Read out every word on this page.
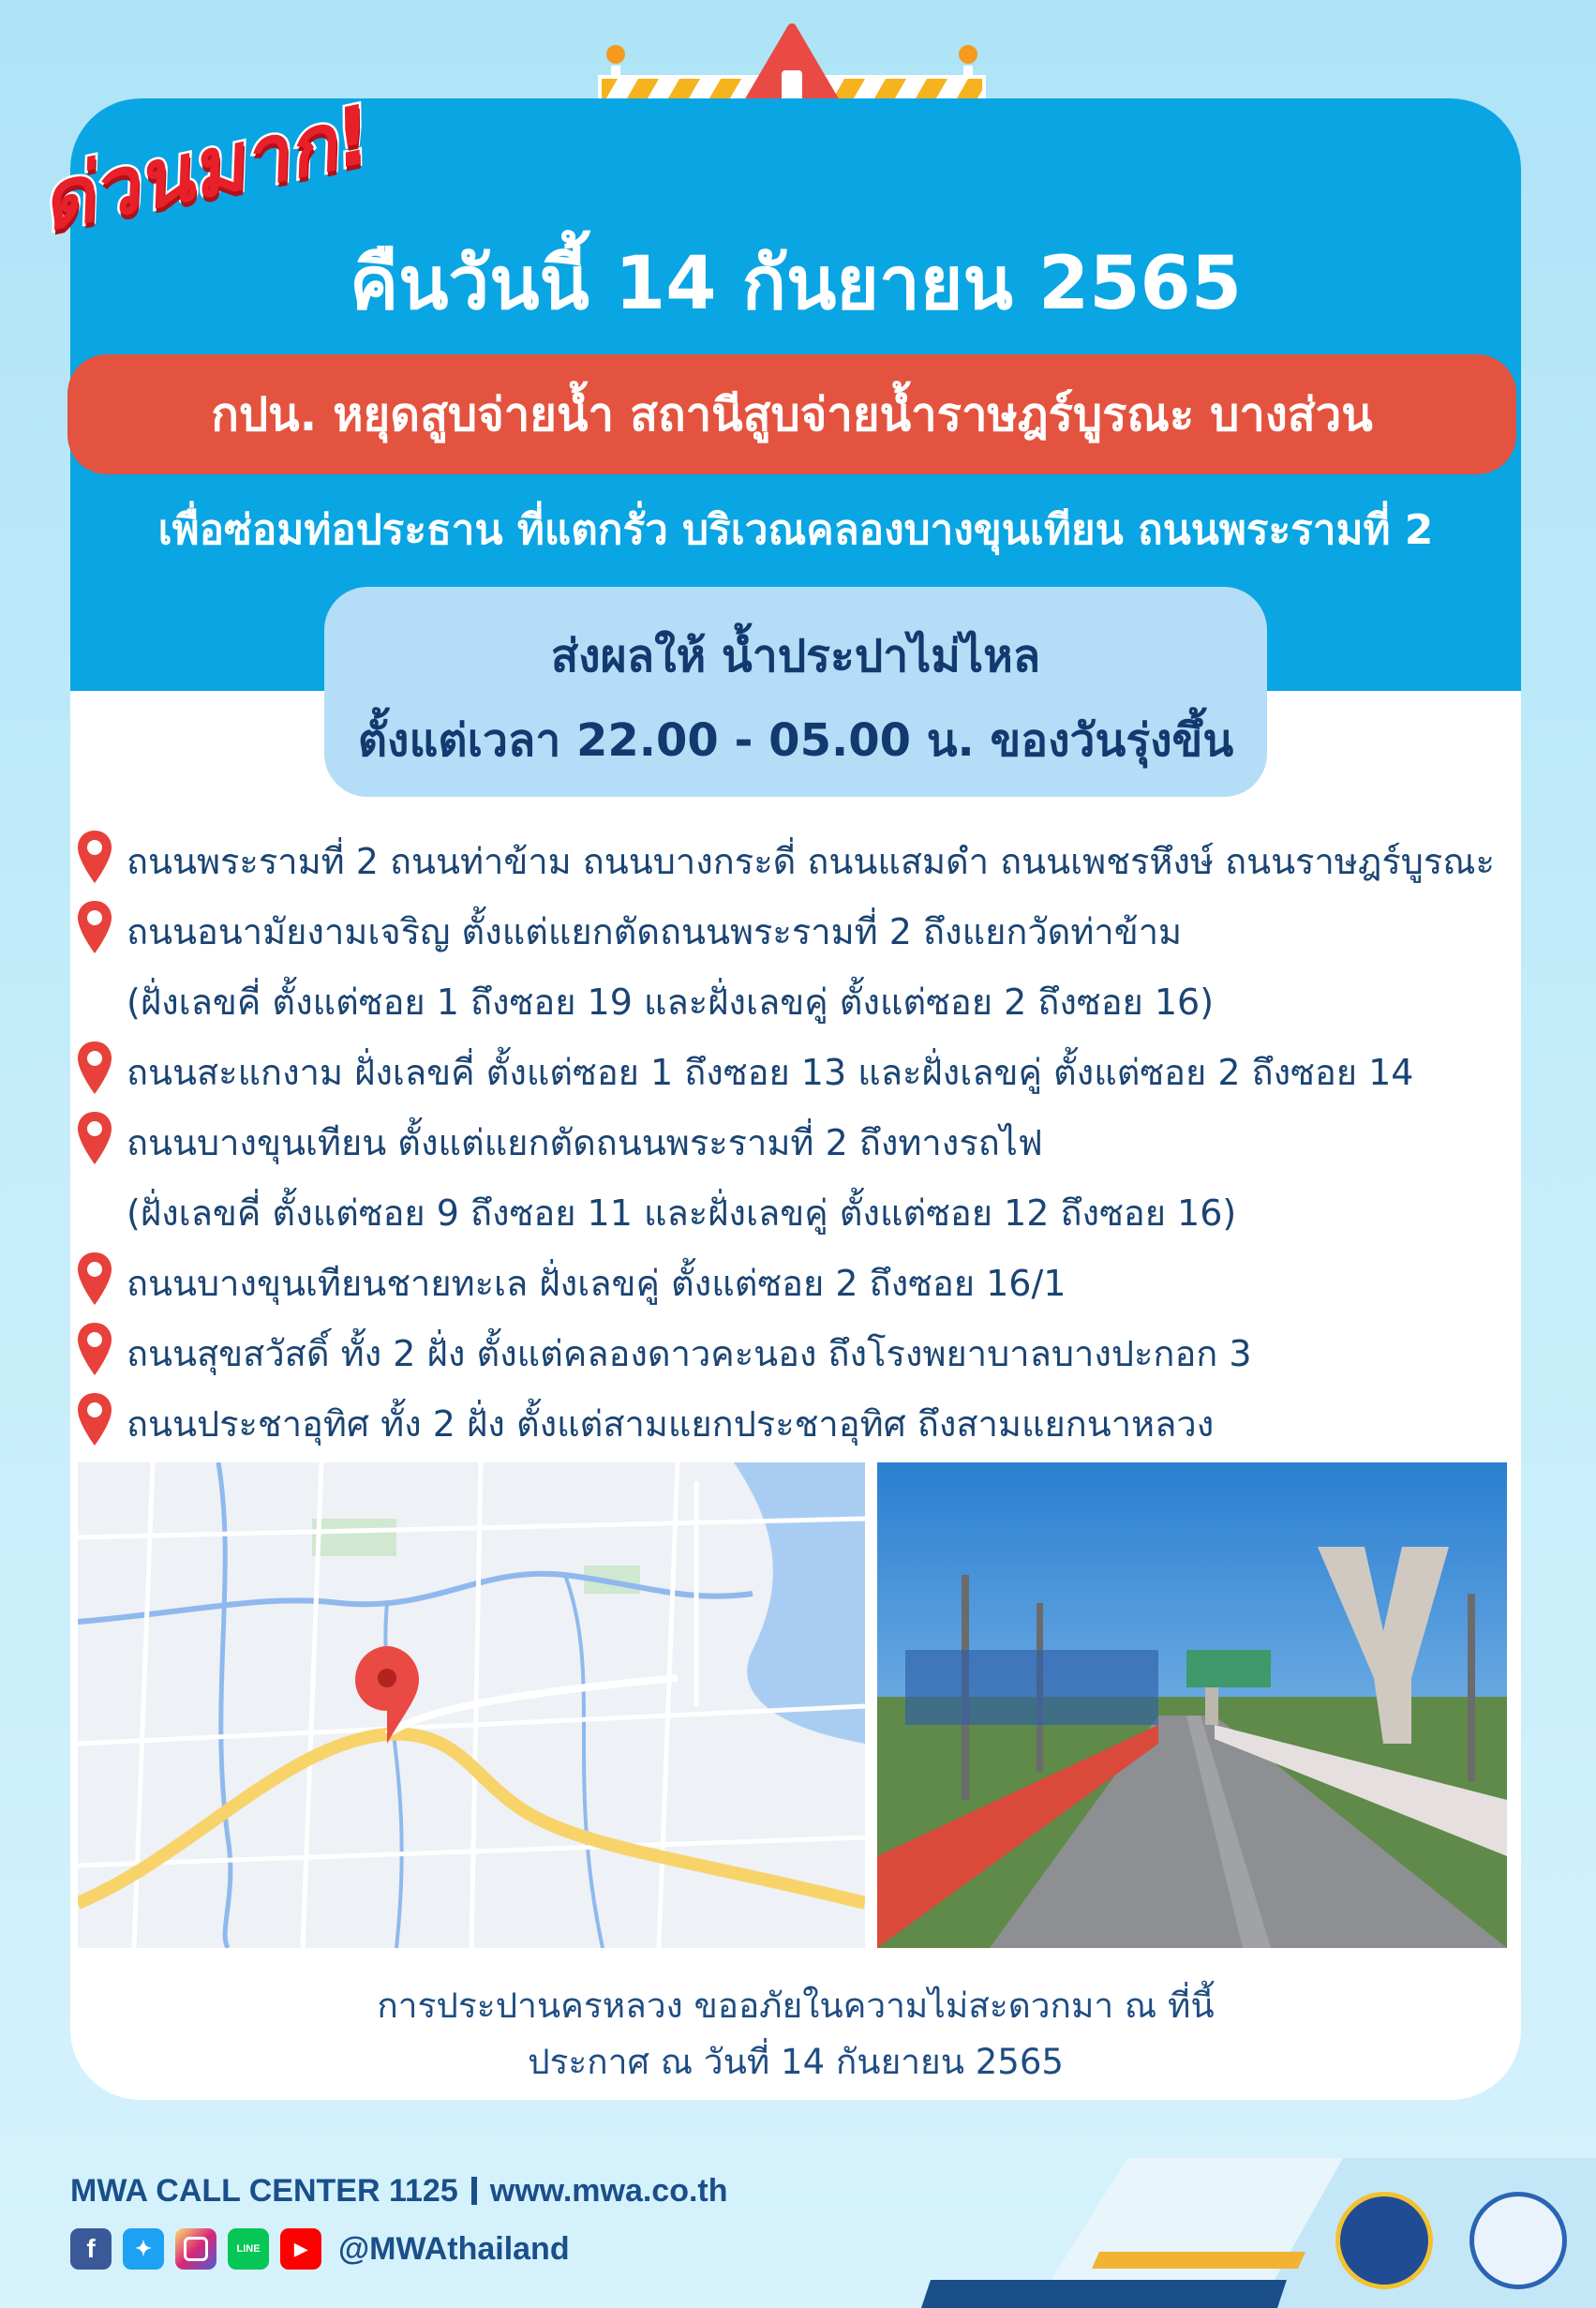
ด่วนมาก!
คืนวันนี้ 14 กันยายน 2565
กปน. หยุดสูบจ่ายน้ำ สถานีสูบจ่ายน้ำราษฎร์บูรณะ บางส่วน
เพื่อซ่อมท่อประธาน ที่แตกรั่ว บริเวณคลองบางขุนเทียน ถนนพระรามที่ 2
ส่งผลให้ น้ำประปาไม่ไหล
ตั้งแต่เวลา 22.00 - 05.00 น. ของวันรุ่งขึ้น
ถนนพระรามที่ 2 ถนนท่าข้าม ถนนบางกระดี่ ถนนแสมดำ ถนนเพชรหึงษ์ ถนนราษฎร์บูรณะ
ถนนอนามัยงามเจริญ ตั้งแต่แยกตัดถนนพระรามที่ 2 ถึงแยกวัดท่าข้าม
(ฝั่งเลขคี่ ตั้งแต่ซอย 1 ถึงซอย 19 และฝั่งเลขคู่ ตั้งแต่ซอย 2 ถึงซอย 16)
ถนนสะแกงาม ฝั่งเลขคี่ ตั้งแต่ซอย 1 ถึงซอย 13 และฝั่งเลขคู่ ตั้งแต่ซอย 2 ถึงซอย 14
ถนนบางขุนเทียน ตั้งแต่แยกตัดถนนพระรามที่ 2 ถึงทางรถไฟ
(ฝั่งเลขคี่ ตั้งแต่ซอย 9 ถึงซอย 11 และฝั่งเลขคู่ ตั้งแต่ซอย 12 ถึงซอย 16)
ถนนบางขุนเทียนชายทะเล ฝั่งเลขคู่ ตั้งแต่ซอย 2 ถึงซอย 16/1
ถนนสุขสวัสดิ์ ทั้ง 2 ฝั่ง ตั้งแต่คลองดาวคะนอง ถึงโรงพยาบาลบางปะกอก 3
ถนนประชาอุทิศ ทั้ง 2 ฝั่ง ตั้งแต่สามแยกประชาอุทิศ ถึงสามแยกนาหลวง
การประปานครหลวง ขออภัยในความไม่สะดวกมา ณ ที่นี้
ประกาศ ณ วันที่ 14 กันยายน 2565
MWA CALL CENTER 1125 www.mwa.co.th
f	✦	LINE	▶ @MWAthailand
